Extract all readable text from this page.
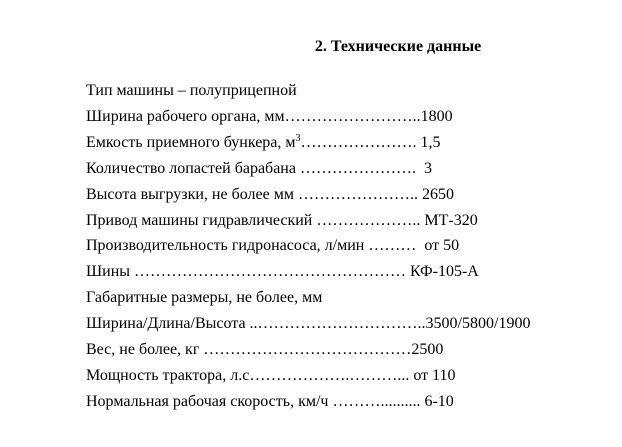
2. Технические данные
Тип машины – полуприцепной
Ширина рабочего органа, мм……………………..1800
Емкость приемного бункера, $м^3\dots\dots\dots\dots\dots\dots\dots$. 1,5
Количество лопастей барабана ………………….  3
Высота выгрузки, не более мм ………………….. 2650
Привод машины гидравлический ……………….. МТ-320
Производительность гидронасоса, л/мин ………  от 50
Шины …………………………………………… КФ-105-А
Габаритные размеры, не более, мм
Ширина/Длина/Высота ..…………………………..3500/5800/1900
Вес, не более, кг …………………………………2500
Мощность трактора, л.с……………….………... от 110
Нормальная рабочая скорость, км/ч ……….......... 6-10
